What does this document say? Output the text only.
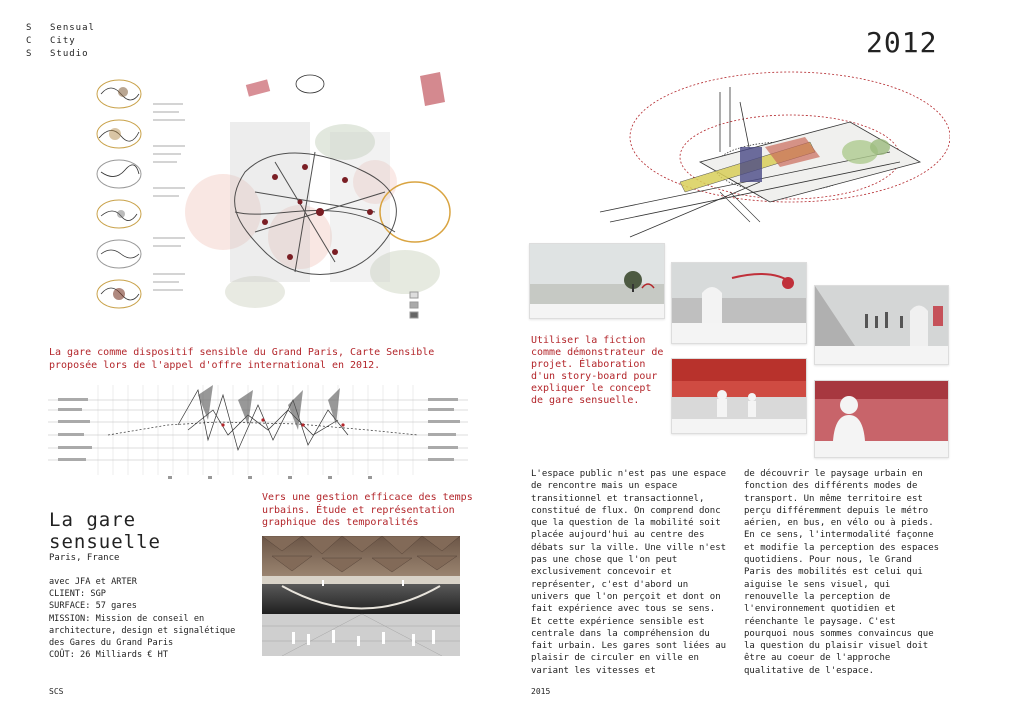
S Sensual
C City
S Studio	2012
La gare comme dispositif sensible du Grand Paris, Carte Sensible proposée lors de l'appel d'offre international en 2012.
La gare
sensuelle
Paris, France
avec JFA et ARTER
CLIENT: SGP
SURFACE: 57 gares
MISSION: Mission de conseil en
architecture, design et signalétique
des Gares du Grand Paris
COÛT: 26 Milliards € HT
Vers une gestion efficace des temps urbains. Étude et représentation graphique des temporalités
Utiliser la fiction comme démonstrateur de projet. Élaboration d'un story-board pour expliquer le concept de gare sensuelle.
L'espace public n'est pas une espace de rencontre mais un espace transitionnel et transactionnel, constitué de flux. On comprend donc que la question de la mobilité soit placée aujourd'hui au centre des débats sur la ville. Une ville n'est pas une chose que l'on peut exclusivement concevoir et représenter, c'est d'abord un univers que l'on perçoit et dont on fait expérience avec tous se sens. Et cette expérience sensible est centrale dans la compréhension du fait urbain. Les gares sont liées au plaisir de circuler en ville en variant les vitesses et
de découvrir le paysage urbain en fonction des différents modes de transport. Un même territoire est perçu différemment depuis le métro aérien, en bus, en vélo ou à pieds. En ce sens, l'intermodalité façonne et modifie la perception des espaces quotidiens. Pour nous, le Grand Paris des mobilités est celui qui aiguise le sens visuel, qui renouvelle la perception de l'environnement quotidien et réenchante le paysage. C'est pourquoi nous sommes convaincus que la question du plaisir visuel doit être au coeur de l'approche qualitative de l'espace.
SCS	2015
